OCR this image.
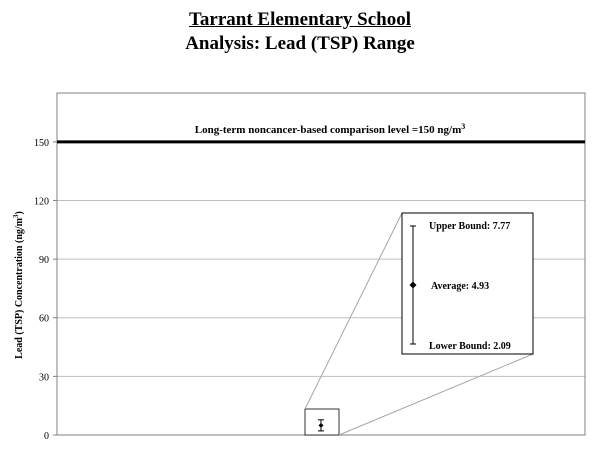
Tarrant Elementary School
Analysis: Lead (TSP) Range
0
30
60
90
120
150
Lead (TSP) Concentration $(ng/m^3)$
Long-term noncancer-based comparison level =150 $ng/m^3$
Upper Bound: 7.77
Average: 4.93
Lower Bound: 2.09
